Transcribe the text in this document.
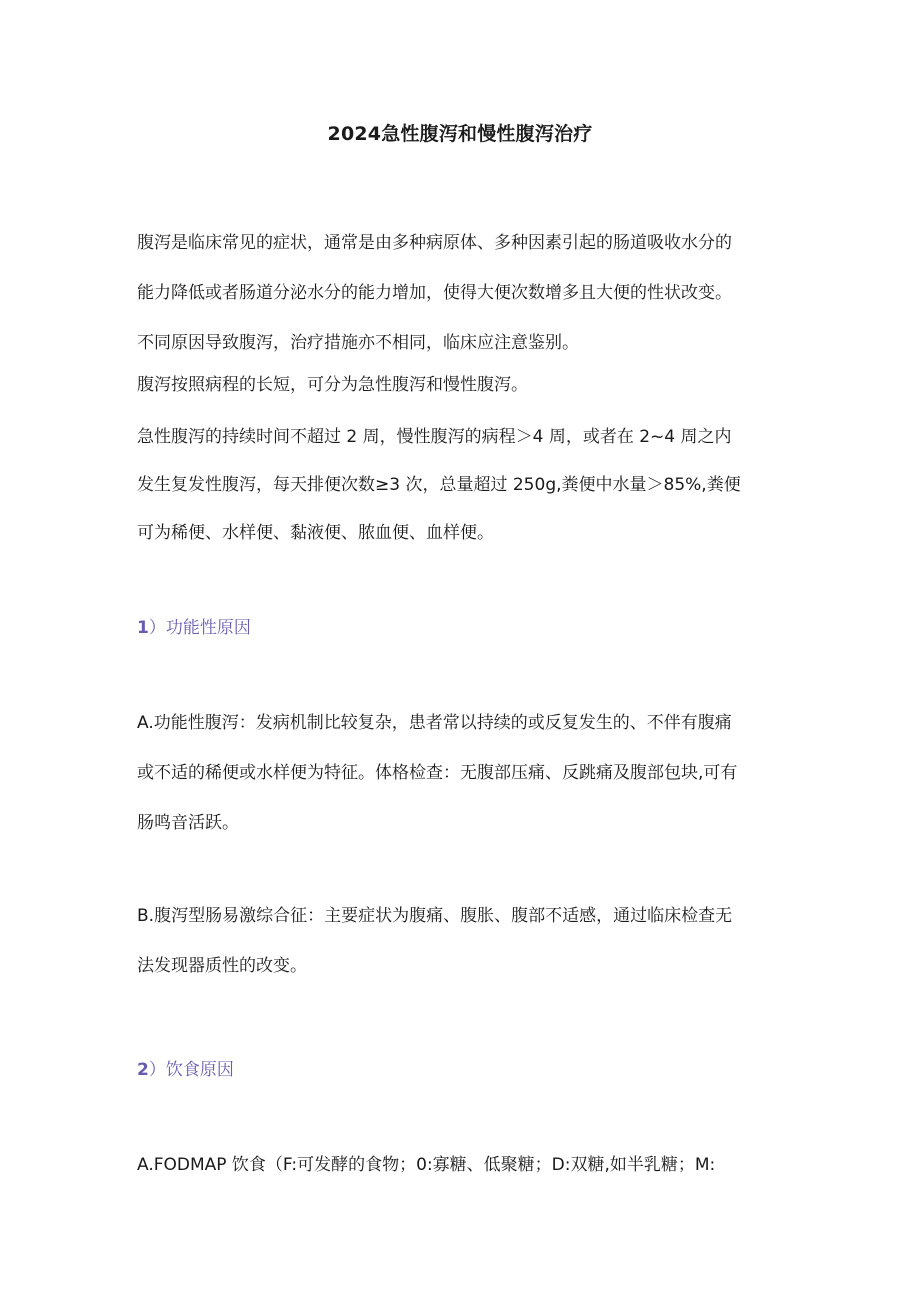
2024急性腹泻和慢性腹泻治疗
腹泻是临床常见的症状，通常是由多种病原体、多种因素引起的肠道吸收水分的
能力降低或者肠道分泌水分的能力增加，使得大便次数增多且大便的性状改变。
不同原因导致腹泻，治疗措施亦不相同，临床应注意鉴别。
腹泻按照病程的长短，可分为急性腹泻和慢性腹泻。
急性腹泻的持续时间不超过 2 周，慢性腹泻的病程＞4 周，或者在 2~4 周之内
发生复发性腹泻，每天排便次数≥3 次，总量超过 250g,粪便中水量＞85%,粪便
可为稀便、水样便、黏液便、脓血便、血样便。
1）功能性原因
A.功能性腹泻：发病机制比较复杂，患者常以持续的或反复发生的、不伴有腹痛
或不适的稀便或水样便为特征。体格检查：无腹部压痛、反跳痛及腹部包块,可有
肠鸣音活跃。
B.腹泻型肠易激综合征：主要症状为腹痛、腹胀、腹部不适感，通过临床检查无
法发现器质性的改变。
2）饮食原因
A.FODMAP 饮食（F:可发酵的食物；0:寡糖、低聚糖；D:双糖,如半乳糖；M:
